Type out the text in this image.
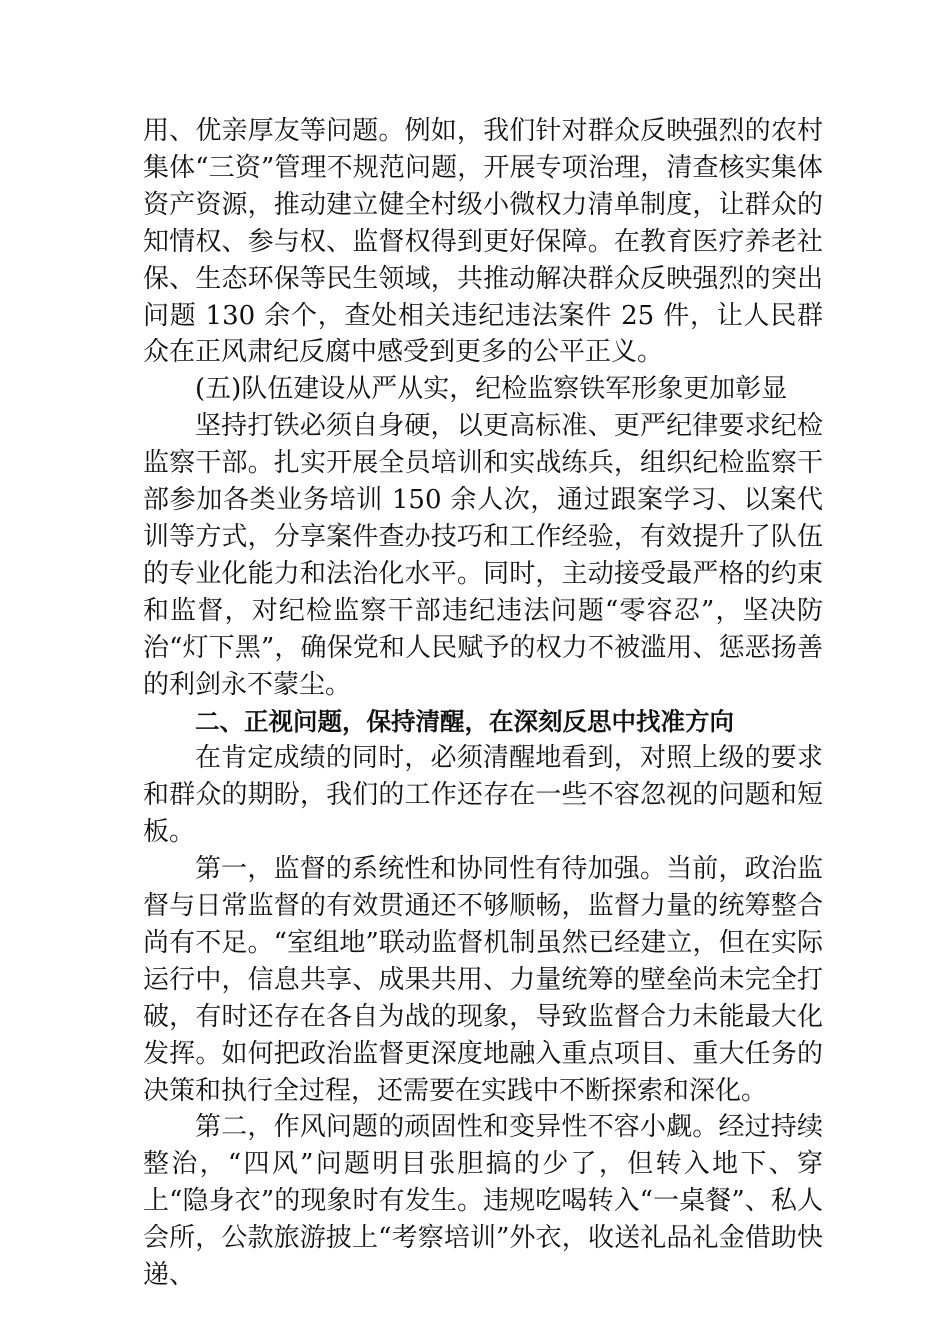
用、优亲厚友等问题。例如，我们针对群众反映强烈的农村集体“三资”管理不规范问题，开展专项治理，清查核实集体资产资源，推动建立健全村级小微权力清单制度，让群众的知情权、参与权、监督权得到更好保障。在教育医疗养老社保、生态环保等民生领域，共推动解决群众反映强烈的突出问题 130 余个，查处相关违纪违法案件 25 件，让人民群众在正风肃纪反腐中感受到更多的公平正义。

(五)队伍建设从严从实，纪检监察铁军形象更加彰显

坚持打铁必须自身硬，以更高标准、更严纪律要求纪检监察干部。扎实开展全员培训和实战练兵，组织纪检监察干部参加各类业务培训 150 余人次，通过跟案学习、以案代训等方式，分享案件查办技巧和工作经验，有效提升了队伍的专业化能力和法治化水平。同时，主动接受最严格的约束和监督，对纪检监察干部违纪违法问题“零容忍”，坚决防治“灯下黑”，确保党和人民赋予的权力不被滥用、惩恶扬善的利剑永不蒙尘。

二、正视问题，保持清醒，在深刻反思中找准方向

在肯定成绩的同时，必须清醒地看到，对照上级的要求和群众的期盼，我们的工作还存在一些不容忽视的问题和短板。

第一，监督的系统性和协同性有待加强。当前，政治监督与日常监督的有效贯通还不够顺畅，监督力量的统筹整合尚有不足。“室组地”联动监督机制虽然已经建立，但在实际运行中，信息共享、成果共用、力量统筹的壁垒尚未完全打破，有时还存在各自为战的现象，导致监督合力未能最大化发挥。如何把政治监督更深度地融入重点项目、重大任务的决策和执行全过程，还需要在实践中不断探索和深化。

第二，作风问题的顽固性和变异性不容小觑。经过持续整治，“四风”问题明目张胆搞的少了，但转入地下、穿上“隐身衣”的现象时有发生。违规吃喝转入“一桌餐”、私人会所，公款旅游披上“考察培训”外衣，收送礼品礼金借助快递、
